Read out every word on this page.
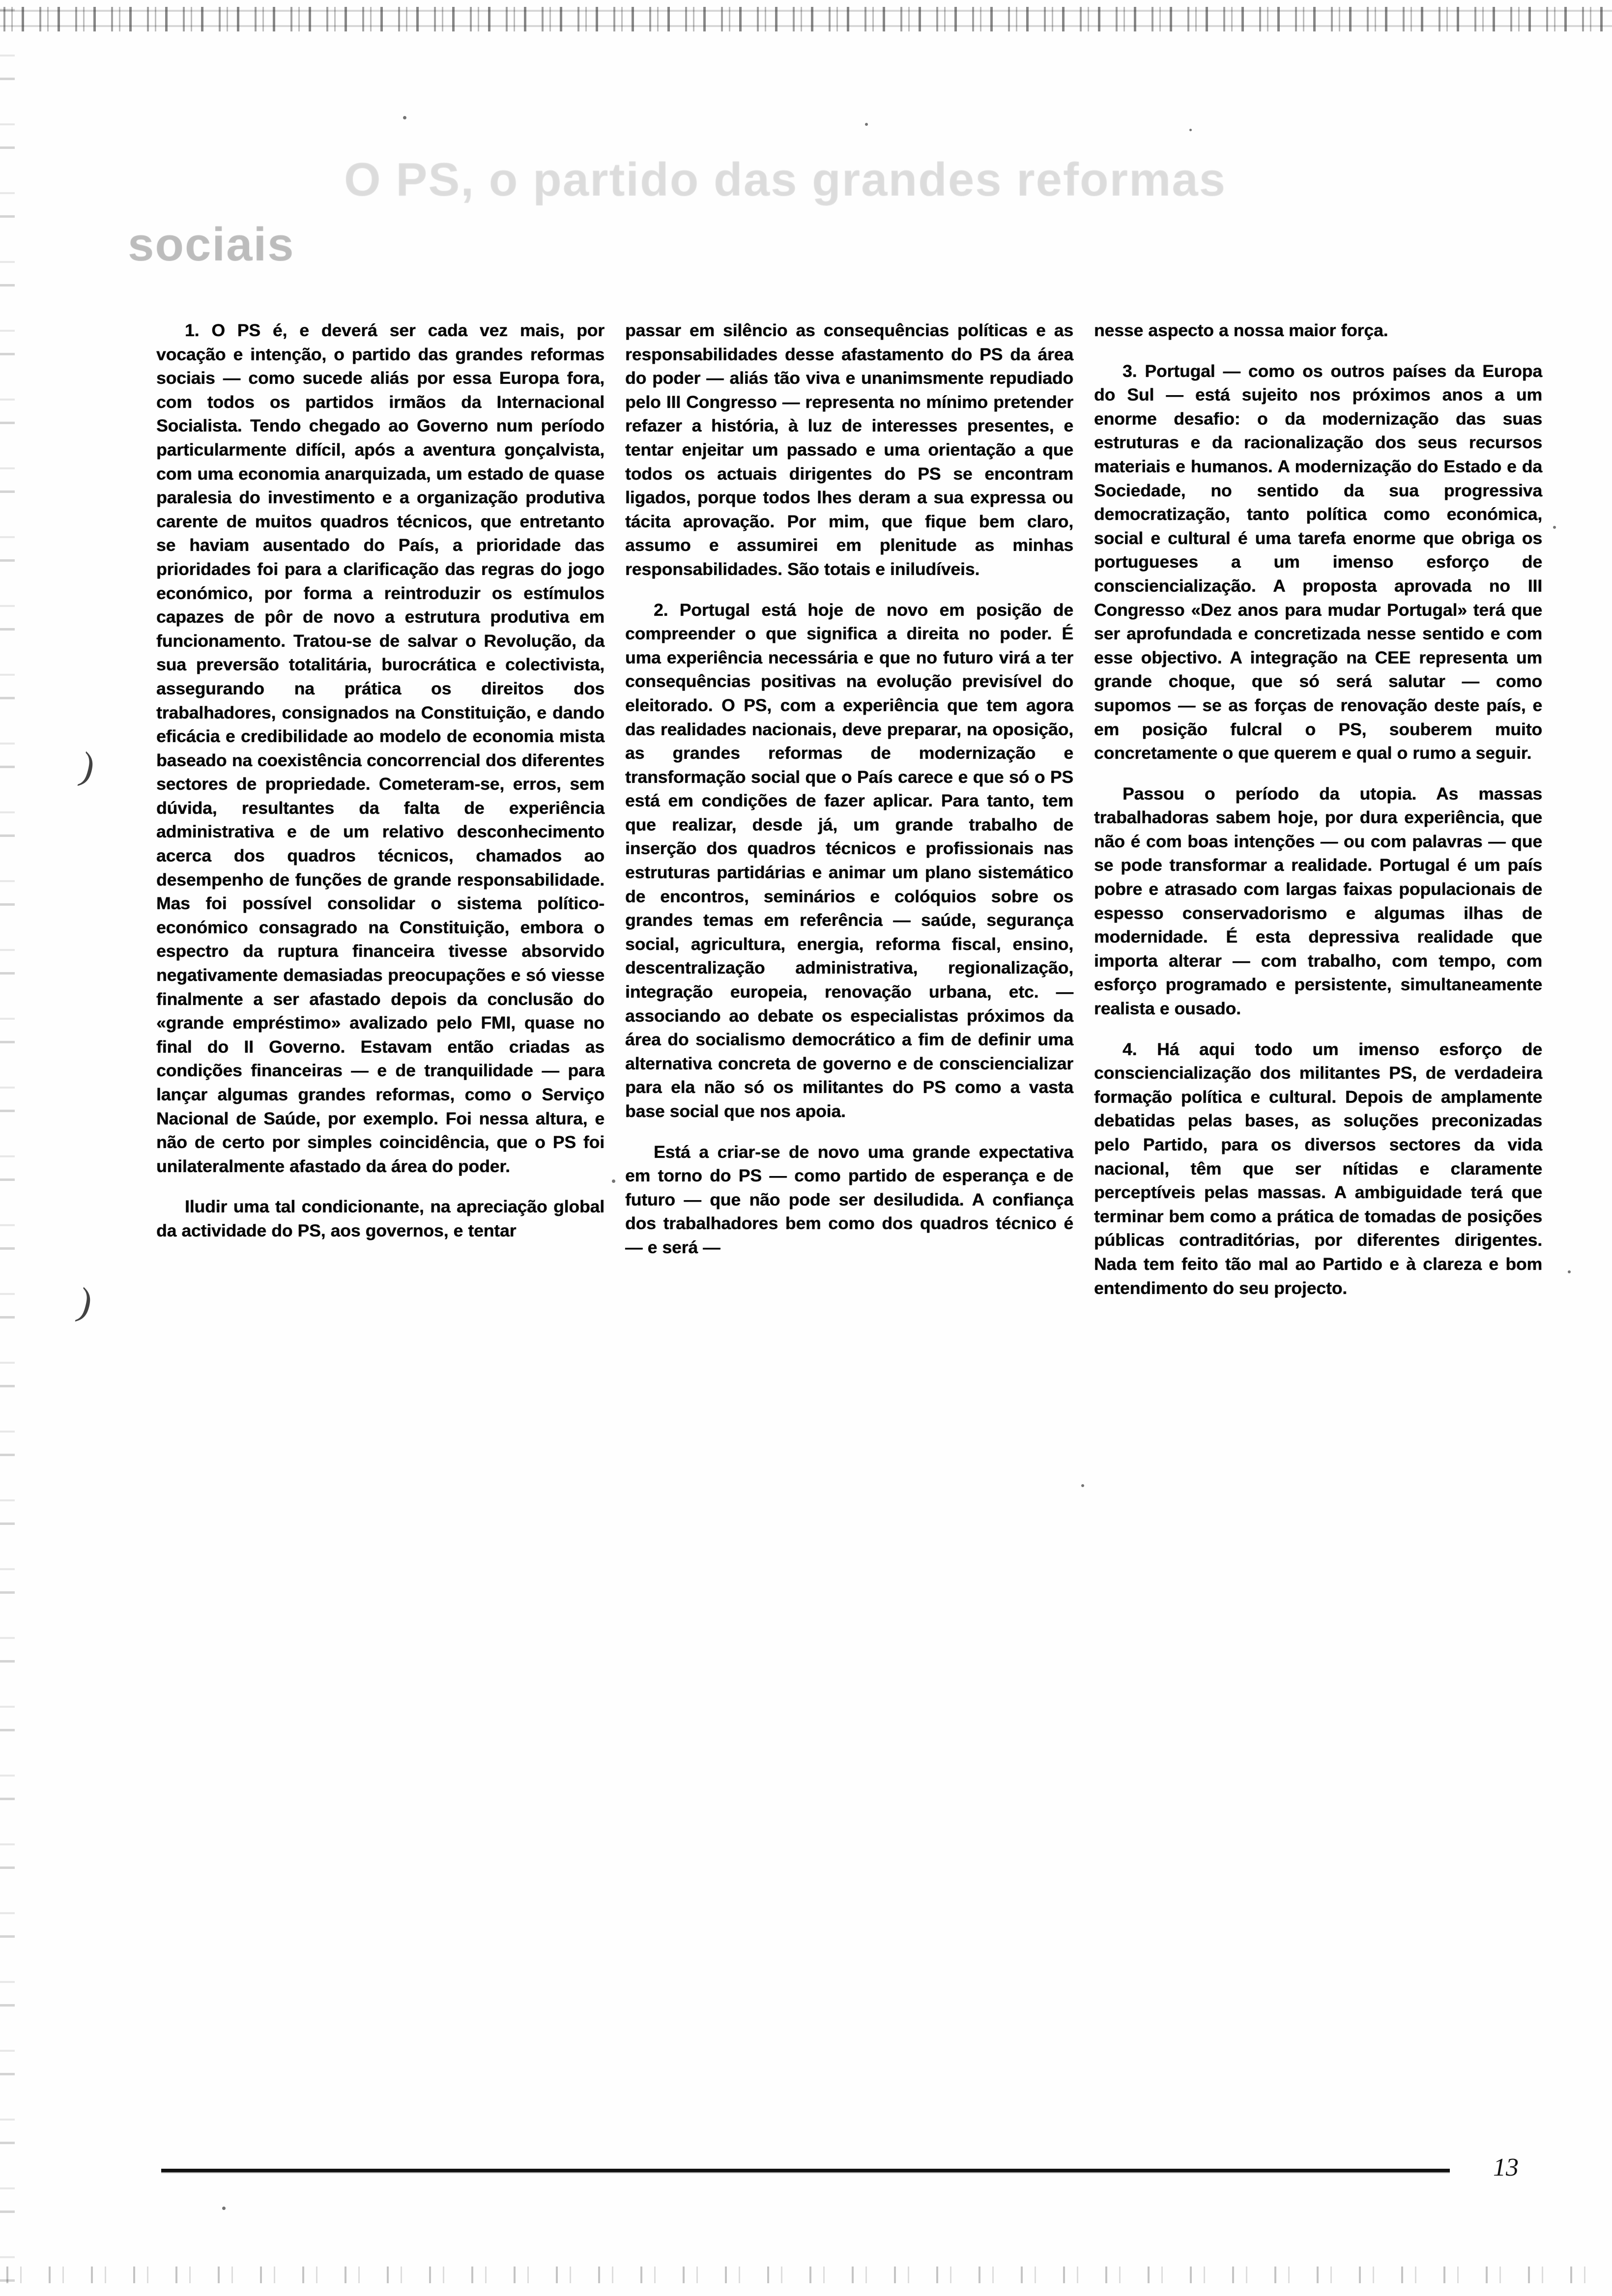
O PS, o partido das grandes reformas
sociais
)
)

1. O PS é, e deverá ser cada vez mais, por vocação e intenção, o partido das grandes reformas sociais — como sucede aliás por essa Europa fora, com todos os partidos irmãos da Internacional Socialista. Tendo chegado ao Governo num período particularmente difícil, após a aventura gonçalvista, com uma economia anarquizada, um estado de quase paralesia do investimento e a organização produtiva carente de muitos quadros técnicos, que entretanto se haviam ausentado do País, a prioridade das prioridades foi para a clarificação das regras do jogo económico, por forma a reintroduzir os estímulos capazes de pôr de novo a estrutura produtiva em funcionamento. Tratou-se de salvar o Revolução, da sua preversão totalitária, burocrática e colectivista, assegurando na prática os direitos dos trabalhadores, consignados na Constituição, e dando eficácia e credibilidade ao modelo de economia mista baseado na coexistência concorrencial dos diferentes sectores de propriedade. Cometeram-se, erros, sem dúvida, resultantes da falta de experiência administrativa e de um relativo desconhecimento acerca dos quadros técnicos, chamados ao desempenho de funções de grande responsabilidade. Mas foi possível consolidar o sistema político-económico consagrado na Constituição, embora o espectro da ruptura financeira tivesse absorvido negativamente demasiadas preocupações e só viesse finalmente a ser afastado depois da conclusão do «grande empréstimo» avalizado pelo FMI, quase no final do II Governo. Estavam então criadas as condições financeiras — e de tranquilidade — para lançar algumas grandes reformas, como o Serviço Nacional de Saúde, por exemplo. Foi nessa altura, e não de certo por simples coincidência, que o PS foi unilateralmente afastado da área do poder.

Iludir uma tal condicionante, na apreciação global da actividade do PS, aos governos, e tentar

passar em silêncio as consequências políticas e as responsabilidades desse afastamento do PS da área do poder — aliás tão viva e unanimsmente repudiado pelo III Congresso — representa no mínimo pretender refazer a história, à luz de interesses presentes, e tentar enjeitar um passado e uma orientação a que todos os actuais dirigentes do PS se encontram ligados, porque todos lhes deram a sua expressa ou tácita aprovação. Por mim, que fique bem claro, assumo e assumirei em plenitude as minhas responsabilidades. São totais e iniludíveis.

2. Portugal está hoje de novo em posição de compreender o que significa a direita no poder. É uma experiência necessária e que no futuro virá a ter consequências positivas na evolução previsível do eleitorado. O PS, com a experiência que tem agora das realidades nacionais, deve preparar, na oposição, as grandes reformas de modernização e transformação social que o País carece e que só o PS está em condições de fazer aplicar. Para tanto, tem que realizar, desde já, um grande trabalho de inserção dos quadros técnicos e profissionais nas estruturas partidárias e animar um plano sistemático de encontros, seminários e colóquios sobre os grandes temas em referência — saúde, segurança social, agricultura, energia, reforma fiscal, ensino, descentralização administrativa, regionalização, integração europeia, renovação urbana, etc. — associando ao debate os especialistas próximos da área do socialismo democrático a fim de definir uma alternativa concreta de governo e de consciencializar para ela não só os militantes do PS como a vasta base social que nos apoia.

Está a criar-se de novo uma grande expectativa em torno do PS — como partido de esperança e de futuro — que não pode ser desiludida. A confiança dos trabalhadores bem como dos quadros técnico é — e será —

nesse aspecto a nossa maior força.

3. Portugal — como os outros países da Europa do Sul — está sujeito nos próximos anos a um enorme desafio: o da modernização das suas estruturas e da racionalização dos seus recursos materiais e humanos. A modernização do Estado e da Sociedade, no sentido da sua progressiva democratização, tanto política como económica, social e cultural é uma tarefa enorme que obriga os portugueses a um imenso esforço de consciencialização. A proposta aprovada no III Congresso «Dez anos para mudar Portugal» terá que ser aprofundada e concretizada nesse sentido e com esse objectivo. A integração na CEE representa um grande choque, que só será salutar — como supomos — se as forças de renovação deste país, e em posição fulcral o PS, souberem muito concretamente o que querem e qual o rumo a seguir.

Passou o período da utopia. As massas trabalhadoras sabem hoje, por dura experiência, que não é com boas intenções — ou com palavras — que se pode transformar a realidade. Portugal é um país pobre e atrasado com largas faixas populacionais de espesso conservadorismo e algumas ilhas de modernidade. É esta depressiva realidade que importa alterar — com trabalho, com tempo, com esforço programado e persistente, simultaneamente realista e ousado.

4. Há aqui todo um imenso esforço de consciencialização dos militantes PS, de verdadeira formação política e cultural. Depois de amplamente debatidas pelas bases, as soluções preconizadas pelo Partido, para os diversos sectores da vida nacional, têm que ser nítidas e claramente perceptíveis pelas massas. A ambiguidade terá que terminar bem como a prática de tomadas de posições públicas contraditórias, por diferentes dirigentes. Nada tem feito tão mal ao Partido e à clareza e bom entendimento do seu projecto.

13
